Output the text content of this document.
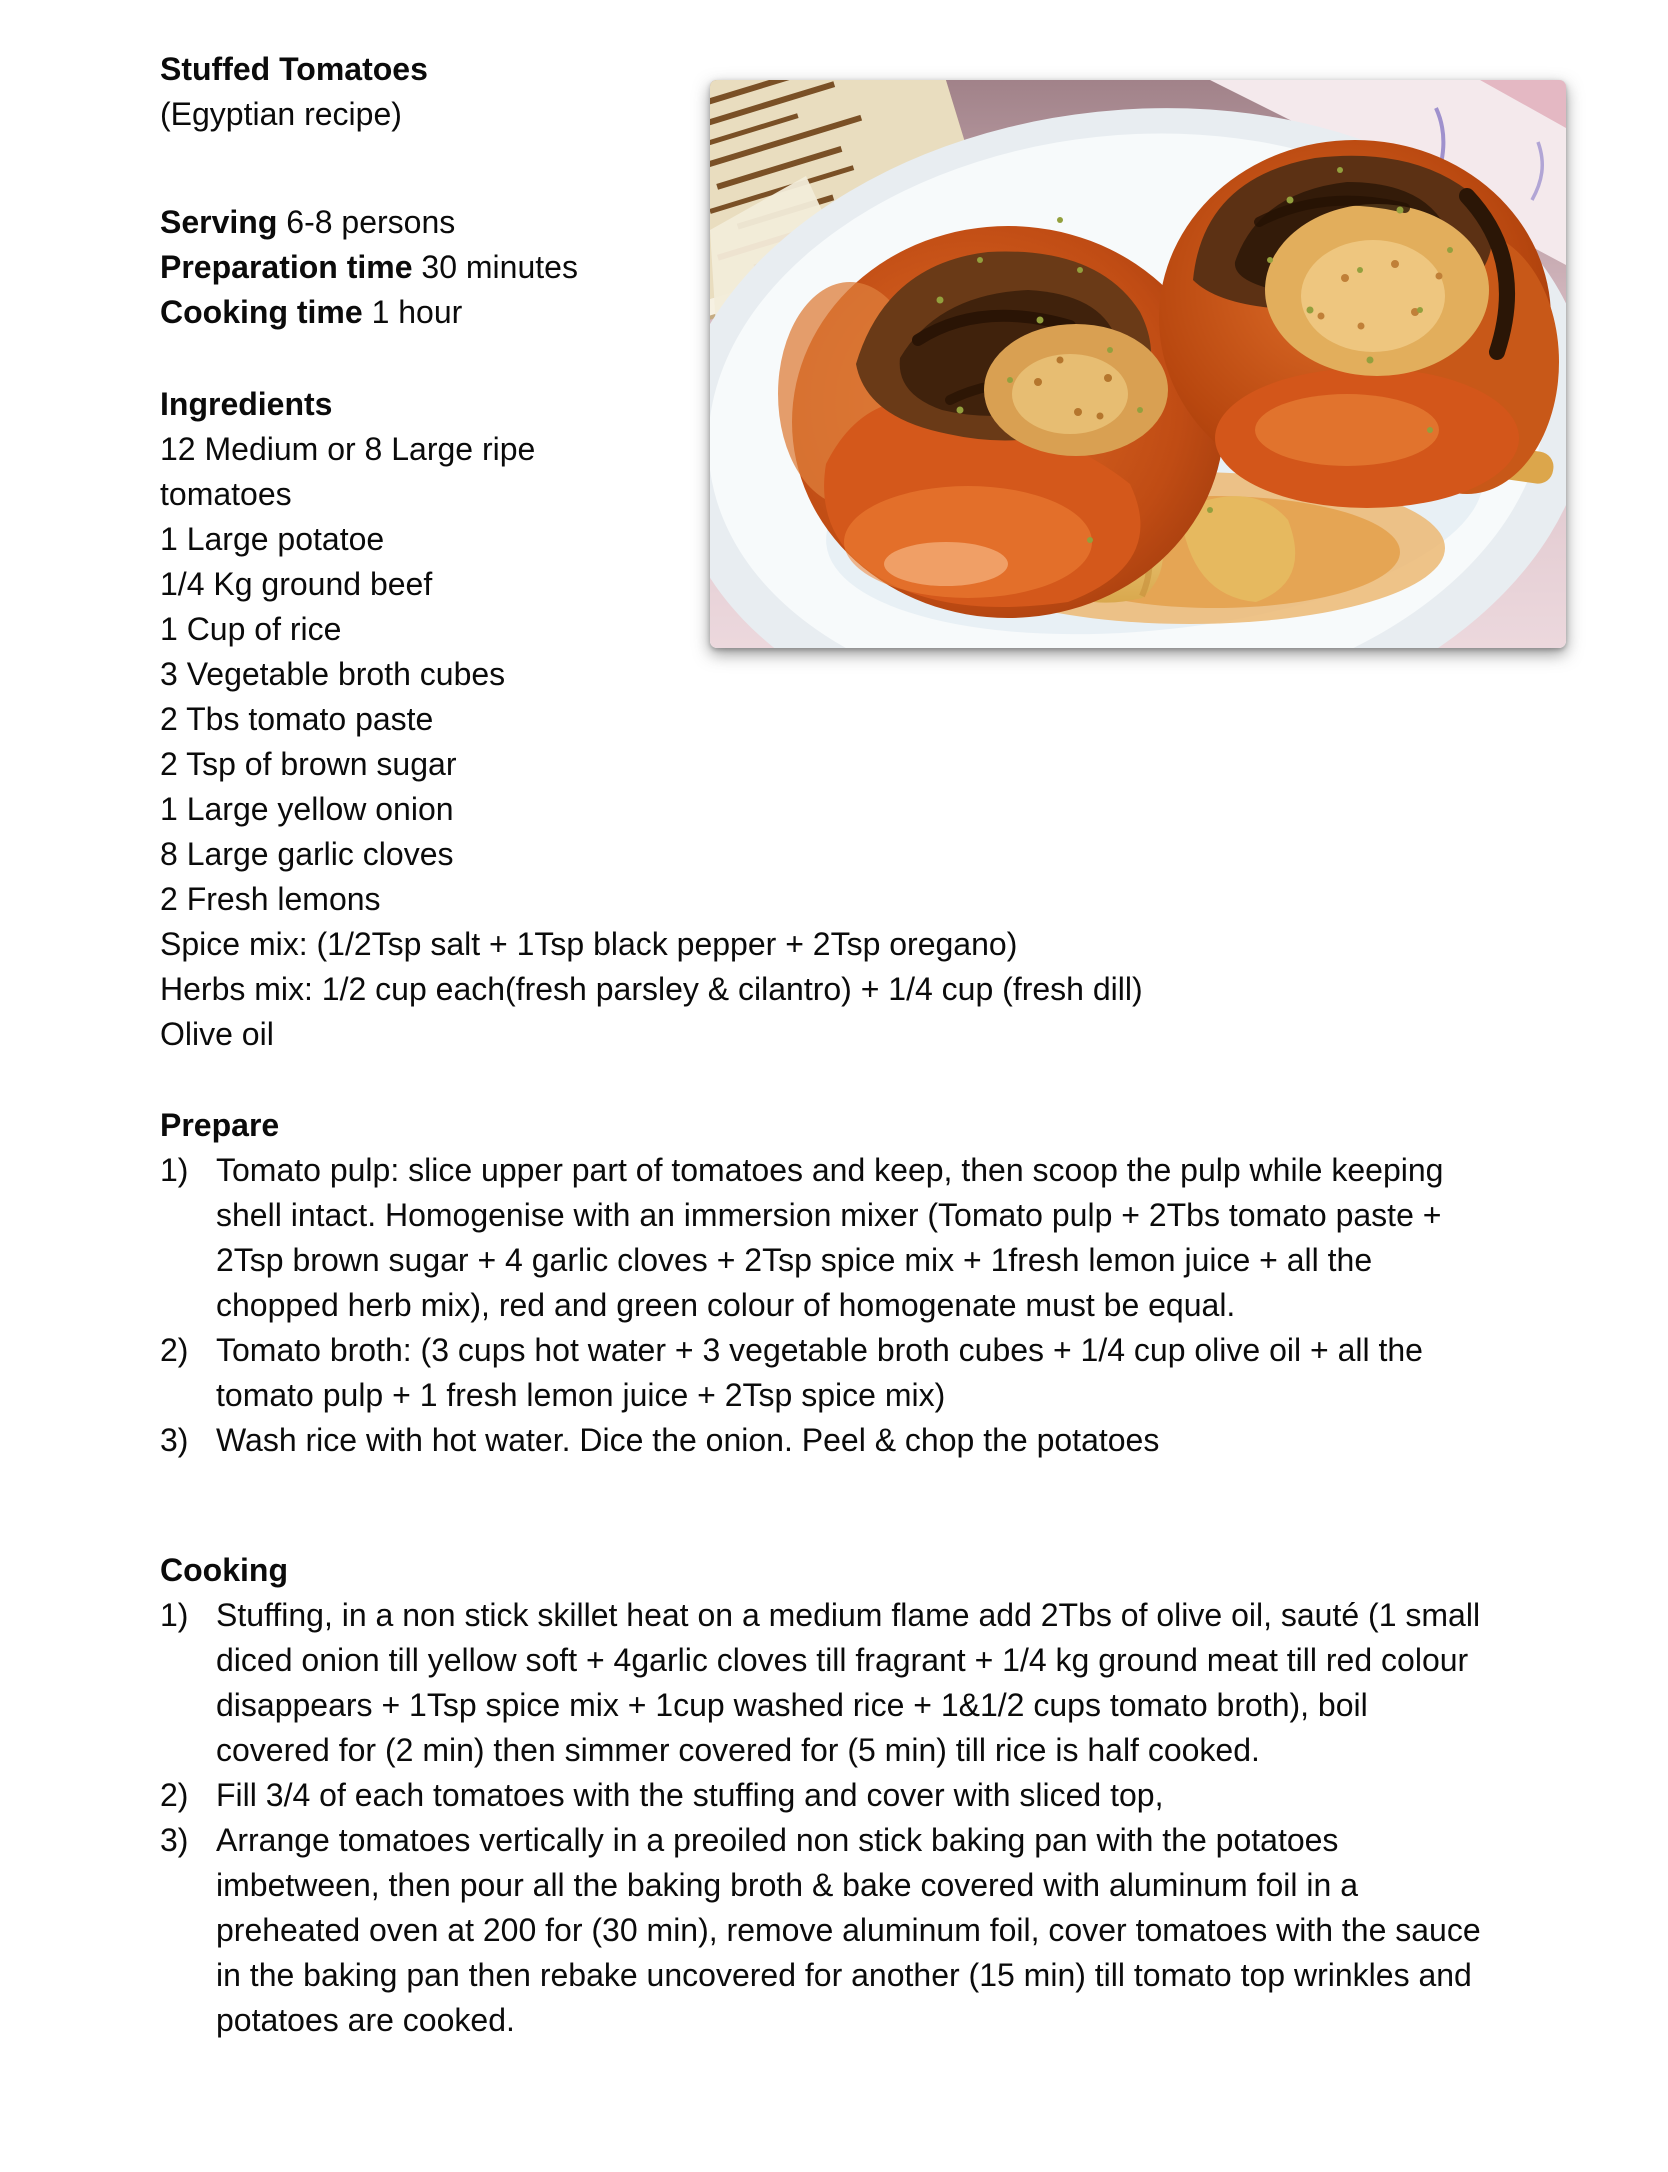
Stuffed Tomatoes
(Egyptian recipe)
Serving 6-8 persons
Preparation time 30 minutes
Cooking time 1 hour
Ingredients
12 Medium or 8 Large ripe tomatoes
1 Large potatoe
1/4 Kg ground beef
1 Cup of rice
3 Vegetable broth cubes
2 Tbs tomato paste
2 Tsp of brown sugar
1 Large yellow onion
8 Large garlic cloves
2 Fresh lemons
Spice mix: (1/2Tsp salt + 1Tsp black pepper + 2Tsp oregano)
Herbs mix: 1/2 cup each(fresh parsley & cilantro) + 1/4 cup (fresh dill)
Olive oil
Prepare
1) Tomato pulp: slice upper part of tomatoes and keep, then scoop the pulp while keeping shell intact. Homogenise with an immersion mixer (Tomato pulp + 2Tbs tomato paste + 2Tsp brown sugar + 4 garlic cloves + 2Tsp spice mix + 1fresh lemon juice + all the chopped herb mix), red and green colour of homogenate must be equal.
2) Tomato broth: (3 cups hot water + 3 vegetable broth cubes + 1/4 cup olive oil + all the tomato pulp + 1 fresh lemon juice + 2Tsp spice mix)
3) Wash rice with hot water. Dice the onion. Peel & chop the potatoes
Cooking
1) Stuffing, in a non stick skillet heat on a medium flame add 2Tbs of olive oil, sauté (1 small diced onion till yellow soft + 4garlic cloves till fragrant + 1/4 kg ground meat till red colour disappears + 1Tsp spice mix + 1cup washed rice + 1&1/2 cups tomato broth), boil covered for (2 min) then simmer covered for (5 min) till rice is half cooked.
2) Fill 3/4 of each tomatoes with the stuffing and cover with sliced top,
3) Arrange tomatoes vertically in a preoiled non stick baking pan with the potatoes imbetween, then pour all the baking broth & bake covered with aluminum foil in a preheated oven at 200 for (30 min), remove aluminum foil, cover tomatoes with the sauce in the baking pan then rebake uncovered for another (15 min) till tomato top wrinkles and potatoes are cooked.
